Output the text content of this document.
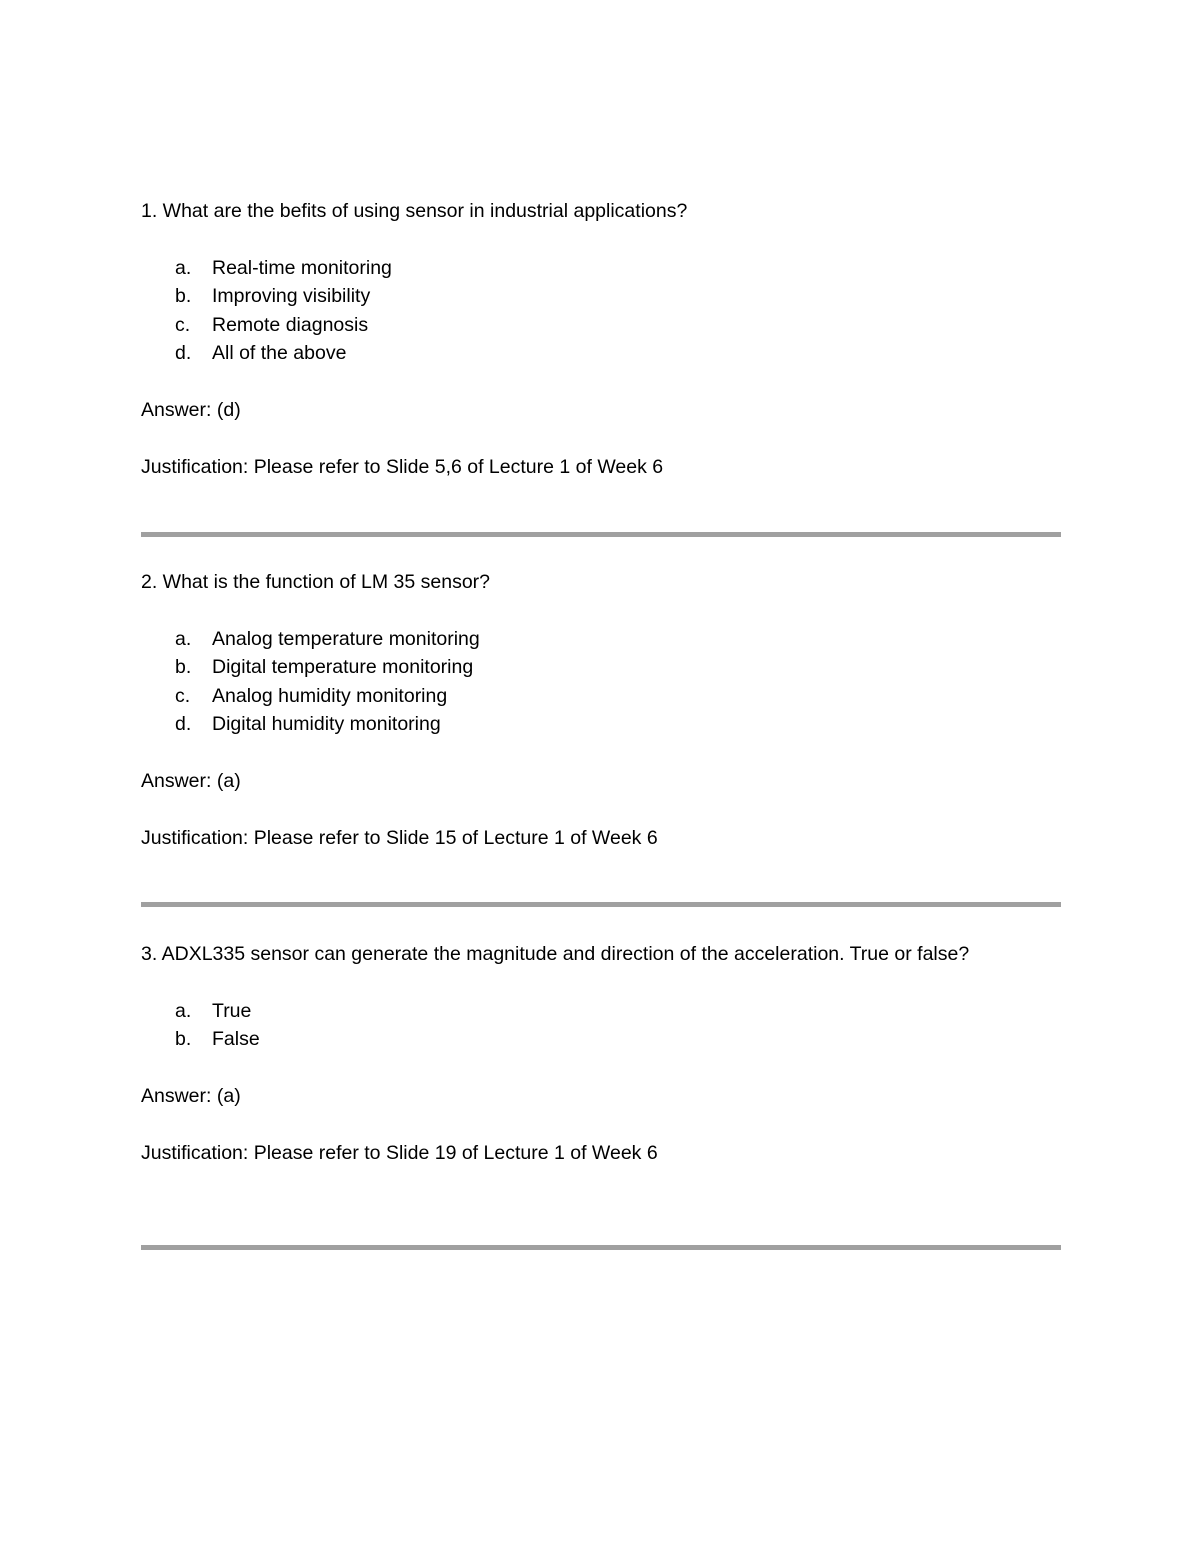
1. What are the befits of using sensor in industrial applications?

a. Real-time monitoring
b. Improving visibility
c. Remote diagnosis
d. All of the above

Answer: (d)

Justification: Please refer to Slide 5,6 of Lecture 1 of Week 6

2. What is the function of LM 35 sensor?

a. Analog temperature monitoring
b. Digital temperature monitoring
c. Analog humidity monitoring
d. Digital humidity monitoring

Answer: (a)

Justification: Please refer to Slide 15 of Lecture 1 of Week 6

3. ADXL335 sensor can generate the magnitude and direction of the acceleration. True or false?

a. True
b. False

Answer: (a)

Justification: Please refer to Slide 19 of Lecture 1 of Week 6
